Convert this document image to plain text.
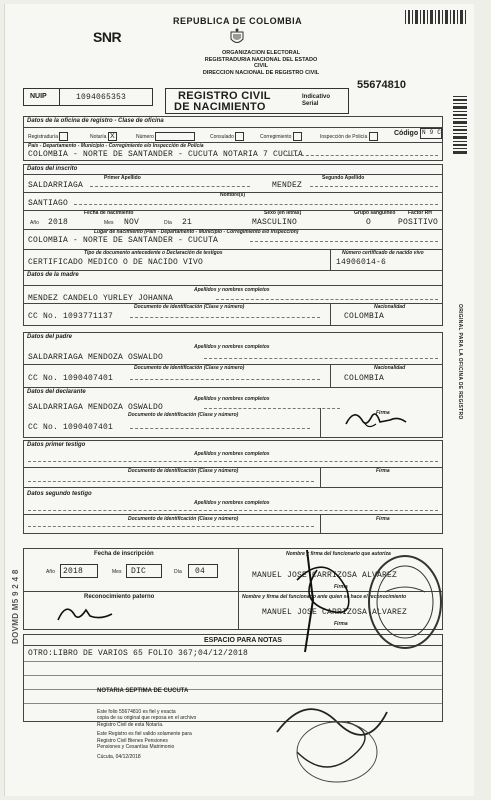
REPUBLICA DE COLOMBIA
SNR
ORGANIZACION ELECTORAL
REGISTRADURIA NACIONAL DEL ESTADO CIVIL
DIRECCION NACIONAL DE REGISTRO CIVIL
NUIP	1094065353	REGISTRO CIVIL
DE NACIMIENTO
Indicativo
Serial
55674810
Datos de la oficina de registro - Clase de oficina
Registraduría	Notaría X	Número	Consulado	Corregimiento	Inspección de Policía	Código N 9 C
País - Departamento - Municipio - Corregimiento e/o Inspección de Policía
COLOMBIA - NORTE DE SANTANDER - CUCUTA NOTARIA 7 CUCUTA
Datos del inscrito
Primer Apellido	Segundo Apellido
SALDARRIAGA	MENDEZ
Nombre(s)
SANTIAGO
Fecha de nacimiento	Sexo (en letras)	Grupo sanguíneo	Factor RH
Año 2018	Mes NOV	Día 21	MASCULINO	O	POSITIVO
Lugar de nacimiento (País - Departamento - Municipio - Corregimiento e/o Inspección)
COLOMBIA - NORTE DE SANTANDER - CUCUTA
Tipo de documento antecedente o Declaración de testigos	Número certificado de nacido vivo
CERTIFICADO MEDICO O DE NACIDO VIVO	14906014-6
Datos de la madre
Apellidos y nombres completos
MENDEZ CANDELO YURLEY JOHANNA
Documento de identificación (Clase y número)	Nacionalidad
CC No. 1093771137	COLOMBIA
Datos del padre
Apellidos y nombres completos
SALDARRIAGA MENDOZA OSWALDO
Documento de identificación (Clase y número)	Nacionalidad
CC No. 1090407401	COLOMBIA
Datos del declarante
Apellidos y nombres completos
SALDARRIAGA MENDOZA OSWALDO
Documento de identificación (Clase y número)	Firma
CC No. 1090407401
Datos primer testigo
Apellidos y nombres completos
Documento de identificación (Clase y número)	Firma
Datos segundo testigo
Apellidos y nombres completos
Documento de identificación (Clase y número)	Firma
Fecha de inscripción
Año	2018	Mes	DIC	Día	04
Nombre y firma del funcionario que autoriza
MANUEL JOSE CARRIZOSA ALVAREZ
Firma
Reconocimiento paterno	Nombre y firma del funcionario ante quien se hace el reconocimiento
MANUEL JOSE CARRIZOSA ALVAREZ
Firma
ESPACIO PARA NOTAS
OTRO:LIBRO DE VARIOS 65 FOLIO 367;04/12/2018
NOTARIA SEPTIMA DE CUCUTA
Este folio 55674810 es fiel y exacta
copia de su original que reposa en el archivo
Registro Civil de esta Notaría.
Este Registro es fiel valido solamente para
Registro Civil Bienes Pensiones
Pensiones y Cesantías Matrimonio
Cúcuta, 04/12/2018
ORIGINAL PARA LA OFICINA DE REGISTRO
DOVMD M5 9 2 4 8
